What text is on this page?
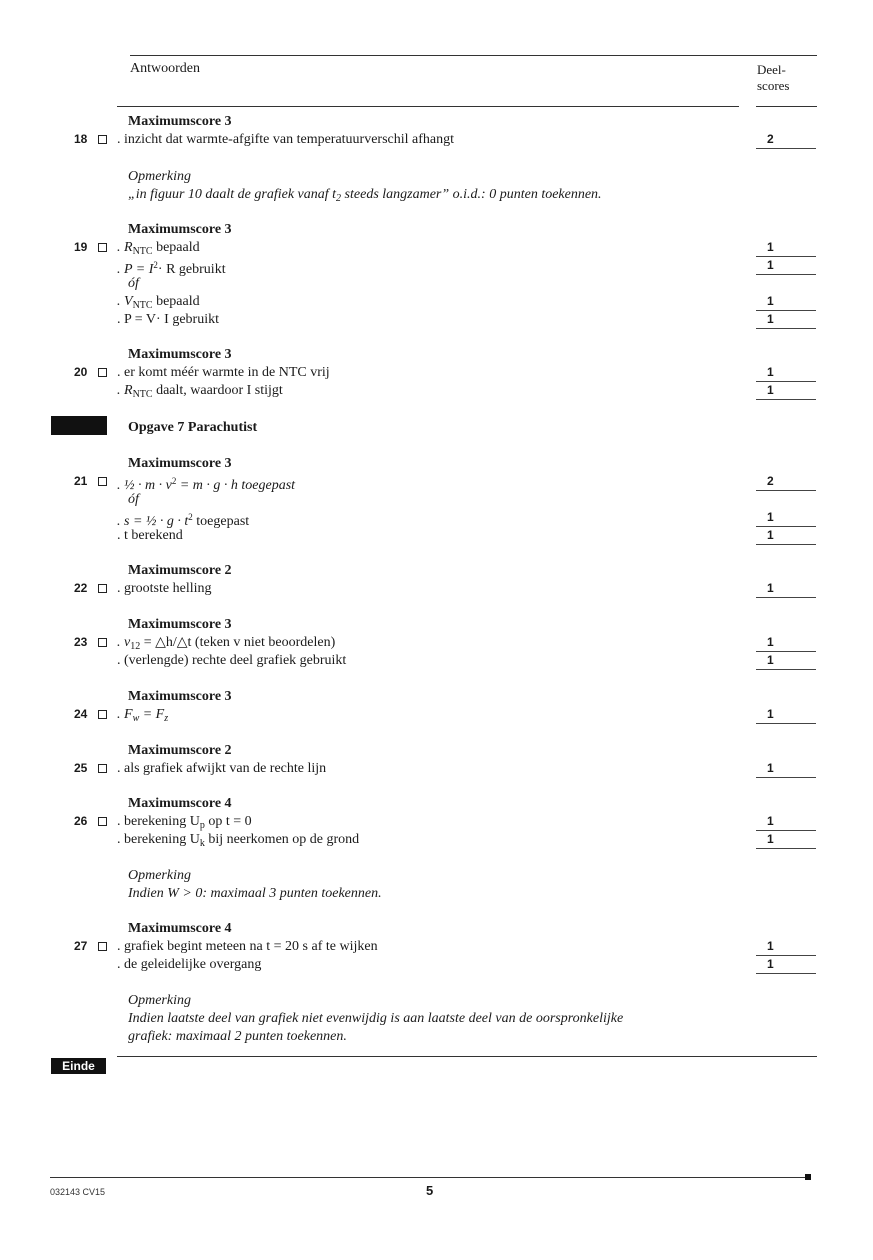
Antwoorden	Deel-
scores
Maximumscore 3
18	. inzicht dat warmte-afgifte van temperatuurverschil afhangt	2
Opmerking
„in figuur 10 daalt de grafiek vanaf $t_2$ steeds langzamer” o.i.d.: 0 punten toekennen.
Maximumscore 3
19	. $R_{NTC}$ bepaald	1
. $P = I^2\cdot R$ gebruikt	1
óf
. $V_{NTC}$ bepaald	1
. P = V· I gebruikt	1
Maximumscore 3
20	. er komt méér warmte in de NTC vrij	1
. $R_{NTC}$ daalt, waardoor I stijgt	1
Opgave 7 Parachutist
Maximumscore 3
21	. ½ · $m \cdot v^2 = m \cdot g \cdot h$ toegepast	2
óf
. s = ½ · $g \cdot t^2$ toegepast	1
. t berekend	1
Maximumscore 2
22	. grootste helling	1
Maximumscore 3
23	. $v_{12}$ = △h/△t (teken v niet beoordelen)	1
. (verlengde) rechte deel grafiek gebruikt	1
Maximumscore 3
24	. $F_w = F_z$	1
Maximumscore 2
25	. als grafiek afwijkt van de rechte lijn	1
Maximumscore 4
26	. berekening $U_p$ op t = 0	1
. berekening $U_k$ bij neerkomen op de grond	1
Opmerking
Indien W > 0: maximaal 3 punten toekennen.
Maximumscore 4
27	. grafiek begint meteen na t = 20 s af te wijken	1
. de geleidelijke overgang	1
Opmerking
Indien laatste deel van grafiek niet evenwijdig is aan laatste deel van de oorspronkelijke
grafiek: maximaal 2 punten toekennen.
Einde
032143 CV15	5
